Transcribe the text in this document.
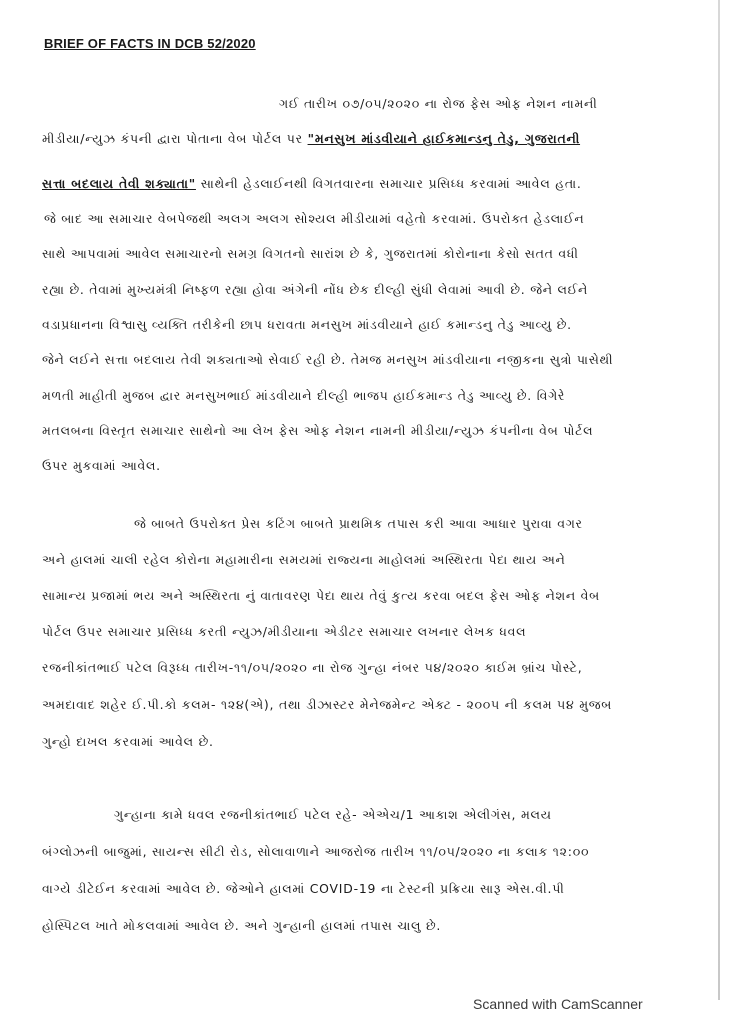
BRIEF OF FACTS IN DCB 52/2020
ગઈ તારીખ ૦૭/૦૫/૨૦૨૦ ના રોજ ફેસ ઓફ નેશન નામની
મીડીયા/ન્યુઝ કંપની દ્વારા પોતાના વેબ પોર્ટલ પર "મનસુખ માંડવીયાને હાઈકમાન્ડનુ તેડુ, ગુજરાતની
સત્તા બદલાય તેવી શક્યાતા" સાથેની હેડલાઈનથી વિગતવારના સમાચાર પ્રસિધ્ધ કરવામાં આવેલ હતા.
જે બાદ આ સમાચાર વેબપેજથી અલગ અલગ સોશ્યલ મીડીયામાં વહેતો કરવામાં. ઉપરોક્ત હેડલાઈન
સાથે આપવામાં આવેલ સમાચારનો સમગ્ર વિગતનો સારાંશ છે કે, ગુજરાતમાં કોરોનાના કેસો સતત વધી
રહ્યા છે. તેવામાં મુખ્યમંત્રી નિષ્ફળ રહ્યા હોવા અંગેની નોંધ છેક દીલ્હી સુંધી લેવામાં આવી છે. જેને લઈને
વડાપ્રધાનના વિશ્વાસુ વ્યક્તિ તરીકેની છાપ ધરાવતા મનસુખ માંડવીયાને હાઈ કમાન્ડનુ તેડુ આવ્યુ છે.
જેને લઈને સત્તા બદલાય તેવી શક્યતાઓ સેવાઈ રહી છે. તેમજ મનસુખ માંડવીયાના નજીકના સુત્રો પાસેથી
મળતી માહીતી મુજબ દ્વાર મનસુખભાઈ માંડવીયાને દીલ્હી ભાજપ હાઈકમાન્ડ તેડુ આવ્યુ છે. વિગેરે
મતલબના વિસ્તૃત સમાચાર સાથેનો આ લેખ ફેસ ઓફ નેશન નામની મીડીયા/ન્યુઝ કંપનીના વેબ પોર્ટલ
ઉપર મુકવામાં આવેલ.
જે બાબતે ઉપરોક્ત પ્રેસ કટિંગ બાબતે પ્રાથમિક તપાસ કરી આવા આધાર પુરાવા વગર
અને હાલમાં ચાલી રહેલ કોરોના મહામારીના સમયમાં રાજ્યના માહોલમાં અસ્થિરતા પેદા થાય અને
સામાન્ય પ્રજામાં ભય અને અસ્થિરતા નું વાતાવરણ પેદા થાય તેવું કુત્ય કરવા બદલ ફેસ ઓફ નેશન વેબ
પોર્ટલ ઉપર સમાચાર પ્રસિધ્ધ કરતી ન્યુઝ/મીડીયાના એડીટર સમાચાર લખનાર લેખક ધવલ
રજનીકાંતભાઈ પટેલ વિરૂધ્ધ તારીખ-૧૧/૦૫/૨૦૨૦ ના રોજ ગુન્હા નંબર ૫૪/૨૦૨૦ કાઈમ બ્રાંચ પોસ્ટે,
અમદાવાદ શહેર ઈ.પી.કો કલમ- ૧૨૪(એ), તથા ડીઝાસ્ટર મેનેજમેન્ટ એક્ટ - ૨૦૦૫ ની કલમ ૫૪ મુજબ
ગુન્હો દાખલ કરવામાં આવેલ છે.
ગુન્હાના કામે ધવલ રજનીકાંતભાઈ પટેલ રહે- એએચ/1 આકાશ એલીગંસ, મલય
બંગ્લોઝની બાજુમાં, સાયન્સ સીટી રોડ, સોલાવાળાને આજરોજ તારીખ ૧૧/૦૫/૨૦૨૦ ના કલાક ૧૨:૦૦
વાગ્યે ડીટેઈન કરવામાં આવેલ છે. જેઓને હાલમાં COVID-19 ના ટેસ્ટની પ્રક્રિયા સારૂ એસ.વી.પી
હોસ્પિટલ ખાતે મોકલવામાં આવેલ છે. અને ગુન્હાની હાલમાં તપાસ ચાલુ છે.
Scanned with CamScanner
